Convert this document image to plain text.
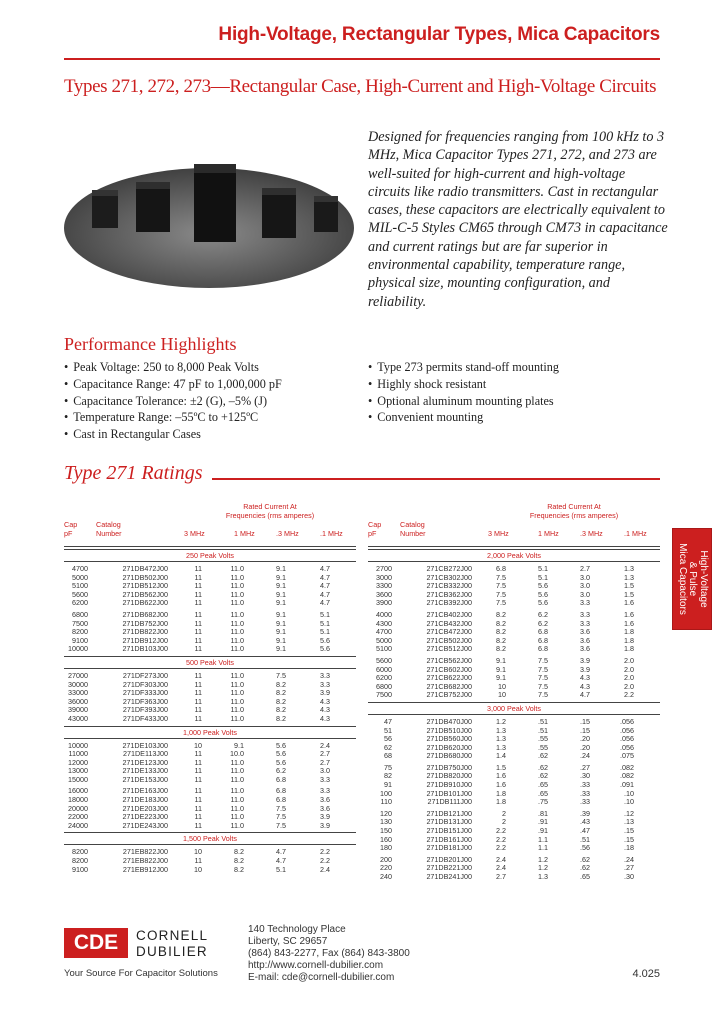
High-Voltage, Rectangular Types, Mica Capacitors
Types 271, 272, 273—Rectangular Case, High-Current and High-Voltage Circuits
Designed for frequencies ranging from 100 kHz to 3 MHz, Mica Capacitor Types 271, 272, and 273 are well-suited for high-current and high-voltage circuits like radio transmitters. Cast in rectangular cases, these capacitors are electrically equivalent to MIL-C-5 Styles CM65 through CM73 in capacitance and current ratings but are far superior in environmental capability, temperature range, physical size, mounting configuration, and reliability.
Performance Highlights
• Peak Voltage: 250 to 8,000 Peak Volts
• Capacitance Range: 47 pF to 1,000,000 pF
• Capacitance Tolerance: ±2 (G), –5% (J)
• Temperature Range: –55ºC to +125ºC
• Cast in Rectangular Cases
• Type 273 permits stand-off mounting
• Highly shock resistant
• Optional aluminum mounting plates
• Convenient mounting
Type 271 Ratings
Rated Current At
Frequencies (rms amperes)
Cap
pF
Catalog
Number	3 MHz	1 MHz	.3 MHz	.1 MHz
250 Peak Volts
4700	271DB472J00	11	11.0	9.1	4.7
5000	271DB502J00	11	11.0	9.1	4.7
5100	271DB512J00	11	11.0	9.1	4.7
5600	271DB562J00	11	11.0	9.1	4.7
6200	271DB622J00	11	11.0	9.1	4.7
6800	271DB682J00	11	11.0	9.1	5.1
7500	271DB752J00	11	11.0	9.1	5.1
8200	271DB822J00	11	11.0	9.1	5.1
9100	271DB912J00	11	11.0	9.1	5.6
10000	271DB103J00	11	11.0	9.1	5.6
500 Peak Volts
27000	271DF273J00	11	11.0	7.5	3.3
30000	271DF303J00	11	11.0	8.2	3.3
33000	271DF333J00	11	11.0	8.2	3.9
36000	271DF363J00	11	11.0	8.2	4.3
39000	271DF393J00	11	11.0	8.2	4.3
43000	271DF433J00	11	11.0	8.2	4.3
1,000 Peak Volts
10000	271DE103J00	10	9.1	5.6	2.4
11000	271DE113J00	11	10.0	5.6	2.7
12000	271DE123J00	11	11.0	5.6	2.7
13000	271DE133J00	11	11.0	6.2	3.0
15000	271DE153J00	11	11.0	6.8	3.3
16000	271DE163J00	11	11.0	6.8	3.3
18000	271DE183J00	11	11.0	6.8	3.6
20000	271DE203J00	11	11.0	7.5	3.6
22000	271DE223J00	11	11.0	7.5	3.9
24000	271DE243J00	11	11.0	7.5	3.9
1,500 Peak Volts
8200	271EB822J00	10	8.2	4.7	2.2
8200	271EB822J00	11	8.2	4.7	2.2
9100	271EB912J00	10	8.2	5.1	2.4
Rated Current At
Frequencies (rms amperes)
Cap
pF
Catalog
Number	3 MHz	1 MHz	.3 MHz	.1 MHz
2,000 Peak Volts
2700	271CB272J00	6.8	5.1	2.7	1.3
3000	271CB302J00	7.5	5.1	3.0	1.3
3300	271CB332J00	7.5	5.6	3.0	1.5
3600	271CB362J00	7.5	5.6	3.0	1.5
3900	271CB392J00	7.5	5.6	3.3	1.6
4000	271CB402J00	8.2	6.2	3.3	1.6
4300	271CB432J00	8.2	6.2	3.3	1.6
4700	271CB472J00	8.2	6.8	3.6	1.8
5000	271CB502J00	8.2	6.8	3.6	1.8
5100	271CB512J00	8.2	6.8	3.6	1.8
5600	271CB562J00	9.1	7.5	3.9	2.0
6000	271CB602J00	9.1	7.5	3.9	2.0
6200	271CB622J00	9.1	7.5	4.3	2.0
6800	271CB682J00	10	7.5	4.3	2.0
7500	271CB752J00	10	7.5	4.7	2.2
3,000 Peak Volts
47	271DB470J00	1.2	.51	.15	.056
51	271DB510J00	1.3	.51	.15	.056
56	271DB560J00	1.3	.55	.20	.056
62	271DB620J00	1.3	.55	.20	.056
68	271DB680J00	1.4	.62	.24	.075
75	271DB750J00	1.5	.62	.27	.082
82	271DB820J00	1.6	.62	.30	.082
91	271DB910J00	1.6	.65	.33	.091
100	271DB101J00	1.8	.65	.33	.10
110	271DB111J00	1.8	.75	.33	.10
120	271DB121J00	2	.81	.39	.12
130	271DB131J00	2	.91	.43	.13
150	271DB151J00	2.2	.91	.47	.15
160	271DB161J00	2.2	1.1	.51	.15
180	271DB181J00	2.2	1.1	.56	.18
200	271DB201J00	2.4	1.2	.62	.24
220	271DB221J00	2.4	1.2	.62	.27
240	271DB241J00	2.7	1.3	.65	.30
High-Voltage
& Pulse
Mica Capacitors
CDE	CORNELL
DUBILIER
Your Source For Capacitor Solutions
140 Technology Place
Liberty, SC 29657
(864) 843-2277, Fax (864) 843-3800
http://www.cornell-dubilier.com
E-mail: cde@cornell-dubilier.com	4.025
